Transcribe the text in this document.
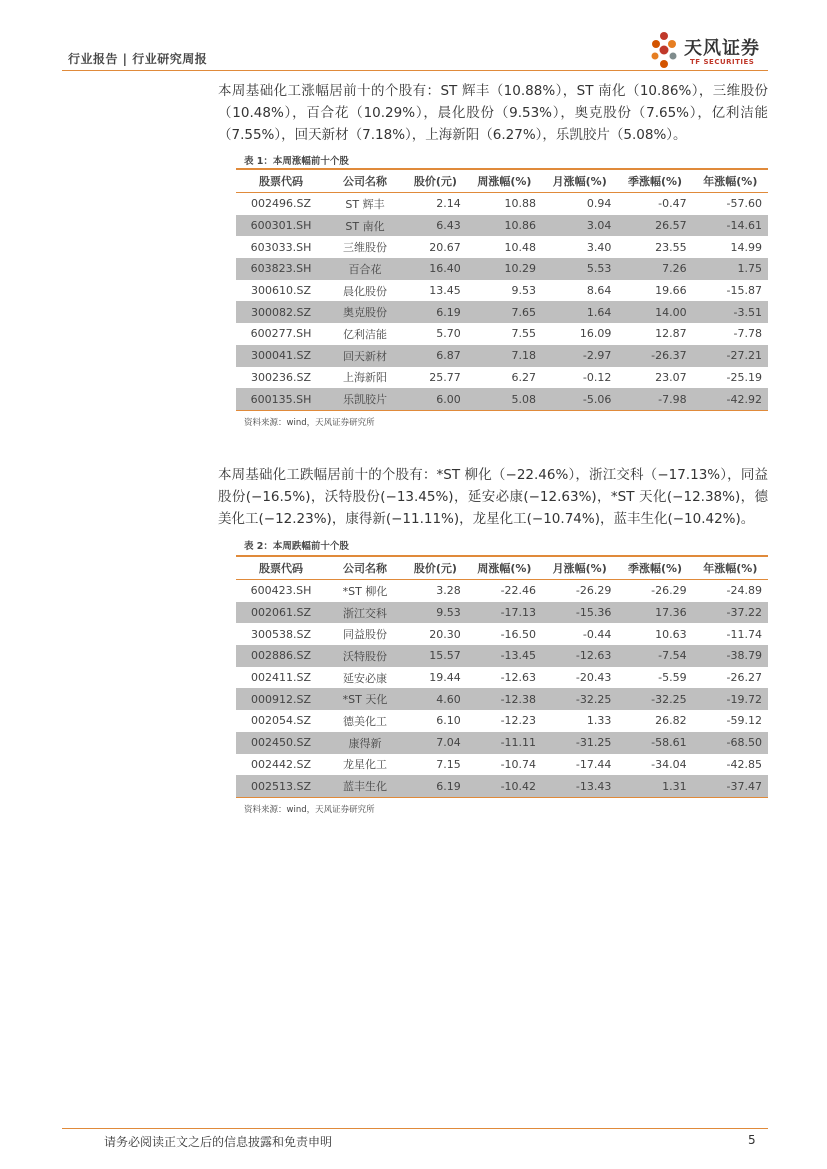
行业报告 | 行业研究周报	天风证券
TF SECURITIES
本周基础化工涨幅居前十的个股有：ST 辉丰（10.88%），ST 南化（10.86%），三维股份（10.48%），百合花（10.29%），晨化股份（9.53%），奥克股份（7.65%），亿利洁能（7.55%），回天新材（7.18%），上海新阳（6.27%），乐凯胶片（5.08%）。
表 1：本周涨幅前十个股
股票代码	公司名称	股价(元)	周涨幅(%)	月涨幅(%)	季涨幅(%)	年涨幅(%)
002496.SZ	ST 辉丰	2.14	10.88	0.94	-0.47	-57.60
600301.SH	ST 南化	6.43	10.86	3.04	26.57	-14.61
603033.SH	三维股份	20.67	10.48	3.40	23.55	14.99
603823.SH	百合花	16.40	10.29	5.53	7.26	1.75
300610.SZ	晨化股份	13.45	9.53	8.64	19.66	-15.87
300082.SZ	奥克股份	6.19	7.65	1.64	14.00	-3.51
600277.SH	亿利洁能	5.70	7.55	16.09	12.87	-7.78
300041.SZ	回天新材	6.87	7.18	-2.97	-26.37	-27.21
300236.SZ	上海新阳	25.77	6.27	-0.12	23.07	-25.19
600135.SH	乐凯胶片	6.00	5.08	-5.06	-7.98	-42.92
资料来源：wind，天风证券研究所
本周基础化工跌幅居前十的个股有：*ST 柳化（−22.46%），浙江交科（−17.13%），同益股份(−16.5%)，沃特股份(−13.45%)，延安必康(−12.63%)，*ST 天化(−12.38%)，德美化工(−12.23%)，康得新(−11.11%)，龙星化工(−10.74%)，蓝丰生化(−10.42%)。
表 2：本周跌幅前十个股
股票代码	公司名称	股价(元)	周涨幅(%)	月涨幅(%)	季涨幅(%)	年涨幅(%)
600423.SH	*ST 柳化	3.28	-22.46	-26.29	-26.29	-24.89
002061.SZ	浙江交科	9.53	-17.13	-15.36	17.36	-37.22
300538.SZ	同益股份	20.30	-16.50	-0.44	10.63	-11.74
002886.SZ	沃特股份	15.57	-13.45	-12.63	-7.54	-38.79
002411.SZ	延安必康	19.44	-12.63	-20.43	-5.59	-26.27
000912.SZ	*ST 天化	4.60	-12.38	-32.25	-32.25	-19.72
002054.SZ	德美化工	6.10	-12.23	1.33	26.82	-59.12
002450.SZ	康得新	7.04	-11.11	-31.25	-58.61	-68.50
002442.SZ	龙星化工	7.15	-10.74	-17.44	-34.04	-42.85
002513.SZ	蓝丰生化	6.19	-10.42	-13.43	1.31	-37.47
资料来源：wind，天风证券研究所
请务必阅读正文之后的信息披露和免责申明	5
